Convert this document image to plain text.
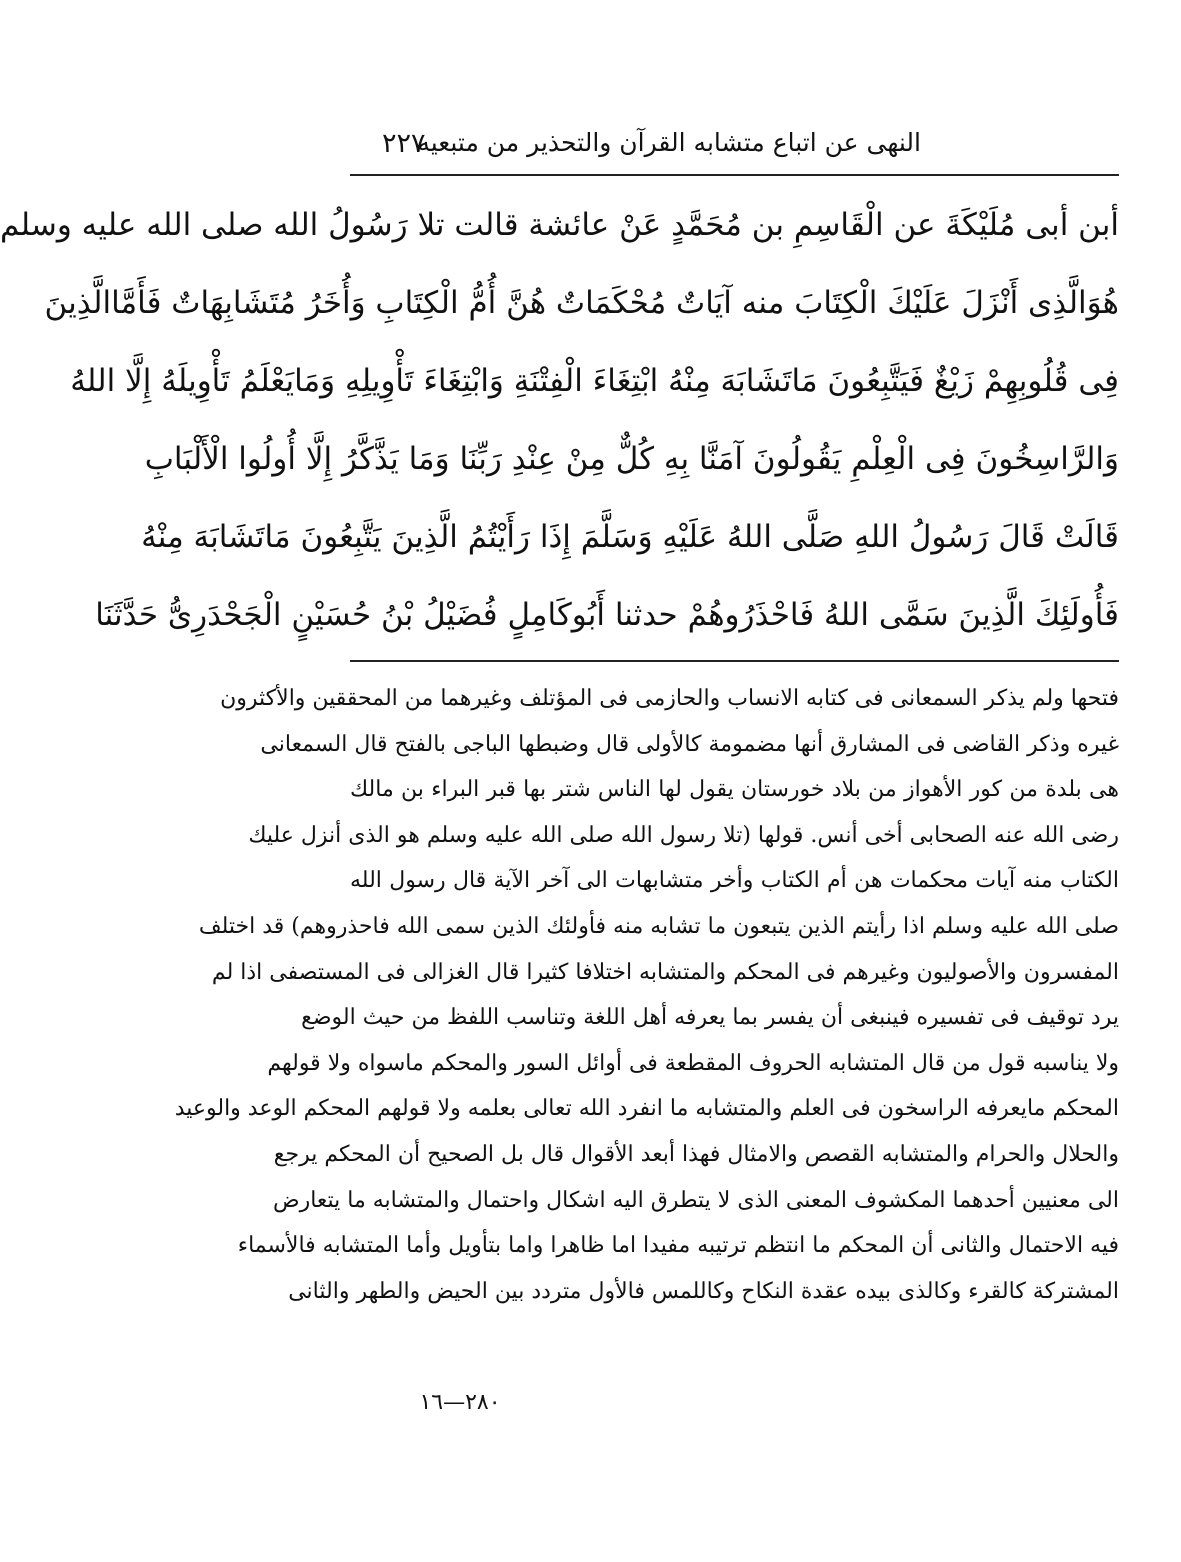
النهى عن اتباع متشابه القرآن والتحذير من متبعيه
٢٢٧
أبن أبى مُلَيْكَةَ عن الْقَاسِمِ بن مُحَمَّدٍ عَنْ عائشة قالت تلا رَسُولُ الله صلى الله عليه وسلم
هُوَالَّذِى أَنْزَلَ عَلَيْكَ الْكِتَابَ منه آيَاتٌ مُحْكَمَاتٌ هُنَّ أُمُّ الْكِتَابِ وَأُخَرُ مُتَشَابِهَاتٌ فَأَمَّاالَّذِينَ
فِى قُلُوبِهِمْ زَيْغٌ فَيَتَّبِعُونَ مَاتَشَابَهَ مِنْهُ ابْتِغَاءَ الْفِتْنَةِ وَابْتِغَاءَ تَأْوِيلِهِ وَمَايَعْلَمُ تَأْوِيلَهُ إِلَّا اللهُ
وَالرَّاسِخُونَ فِى الْعِلْمِ يَقُولُونَ آمَنَّا بِهِ كُلٌّ مِنْ عِنْدِ رَبِّنَا وَمَا يَذَّكَّرُ إِلَّا أُولُوا الْأَلْبَابِ
قَالَتْ قَالَ رَسُولُ اللهِ صَلَّى اللهُ عَلَيْهِ وَسَلَّمَ إِذَا رَأَيْتُمُ الَّذِينَ يَتَّبِعُونَ مَاتَشَابَهَ مِنْهُ
فَأُولَئِكَ الَّذِينَ سَمَّى اللهُ فَاحْذَرُوهُمْ حدثنا أَبُوكَامِلٍ فُضَيْلُ بْنُ حُسَيْنٍ الْجَحْدَرِىُّ حَدَّثَنَا
فتحها ولم يذكر السمعانى فى كتابه الانساب والحازمى فى المؤتلف وغيرهما من المحققين والأكثرون
غيره وذكر القاضى فى المشارق أنها مضمومة كالأولى قال وضبطها الباجى بالفتح قال السمعانى
هى بلدة من كور الأهواز من بلاد خورستان يقول لها الناس شتر بها قبر البراء بن مالك
رضى الله عنه الصحابى أخى أنس. قولها (تلا رسول الله صلى الله عليه وسلم هو الذى أنزل عليك
الكتاب منه آيات محكمات هن أم الكتاب وأخر متشابهات الى آخر الآية قال رسول الله
صلى الله عليه وسلم اذا رأيتم الذين يتبعون ما تشابه منه فأولئك الذين سمى الله فاحذروهم) قد اختلف
المفسرون والأصوليون وغيرهم فى المحكم والمتشابه اختلافا كثيرا قال الغزالى فى المستصفى اذا لم
يرد توقيف فى تفسيره فينبغى أن يفسر بما يعرفه أهل اللغة وتناسب اللفظ من حيث الوضع
ولا يناسبه قول من قال المتشابه الحروف المقطعة فى أوائل السور والمحكم ماسواه ولا قولهم
المحكم مايعرفه الراسخون فى العلم والمتشابه ما انفرد الله تعالى بعلمه ولا قولهم المحكم الوعد والوعيد
والحلال والحرام والمتشابه القصص والامثال فهذا أبعد الأقوال قال بل الصحيح أن المحكم يرجع
الى معنيين أحدهما المكشوف المعنى الذى لا يتطرق اليه اشكال واحتمال والمتشابه ما يتعارض
فيه الاحتمال والثانى أن المحكم ما انتظم ترتيبه مفيدا اما ظاهرا واما بتأويل وأما المتشابه فالأسماء
المشتركة كالقرء وكالذى بيده عقدة النكاح وكاللمس فالأول متردد بين الحيض والطهر والثانى
٢٨٠—١٦
